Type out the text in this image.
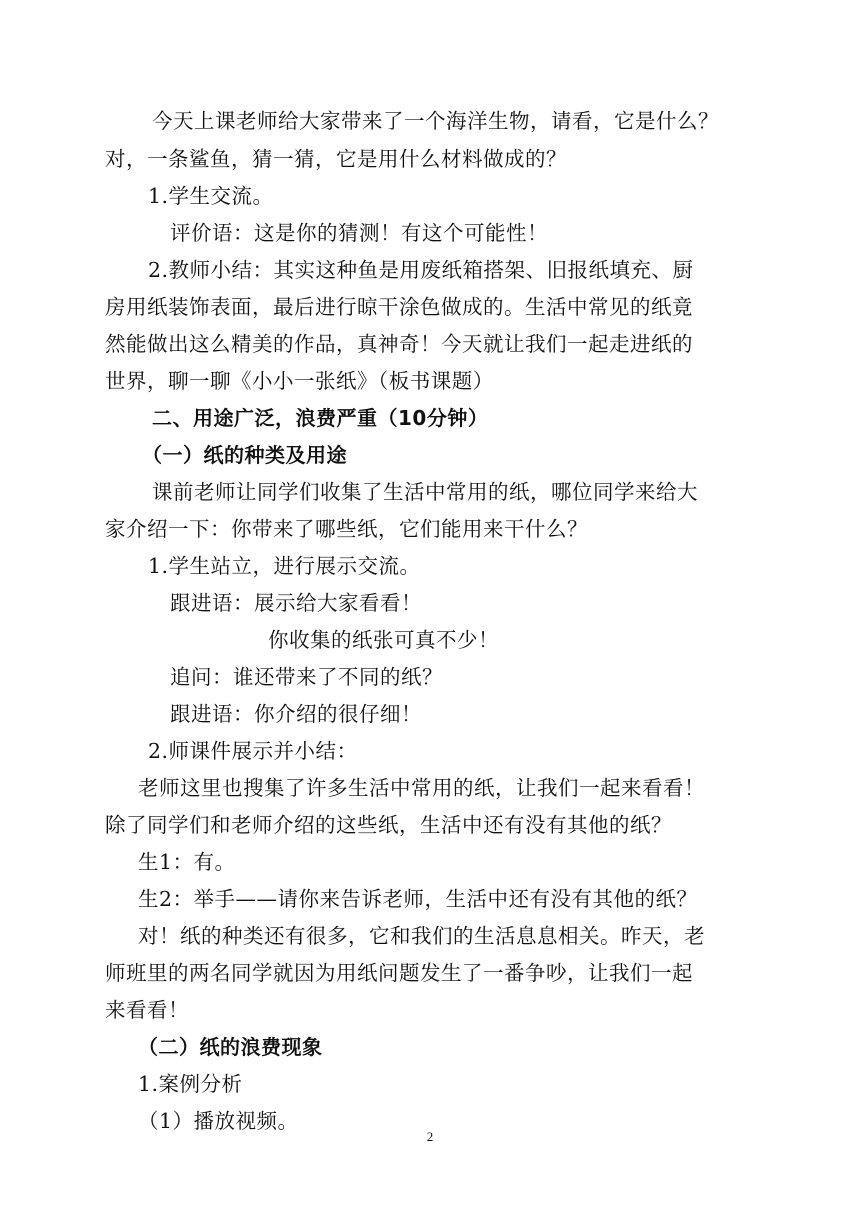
今天上课老师给大家带来了一个海洋生物，请看，它是什么？
对，一条鲨鱼，猜一猜，它是用什么材料做成的？
1.学生交流。
评价语：这是你的猜测！有这个可能性！
2.教师小结：其实这种鱼是用废纸箱搭架、旧报纸填充、厨
房用纸装饰表面，最后进行晾干涂色做成的。生活中常见的纸竟
然能做出这么精美的作品，真神奇！今天就让我们一起走进纸的
世界，聊一聊《小小一张纸》（板书课题）
二、用途广泛，浪费严重（10分钟）
（一）纸的种类及用途
课前老师让同学们收集了生活中常用的纸，哪位同学来给大
家介绍一下：你带来了哪些纸，它们能用来干什么？
1.学生站立，进行展示交流。
跟进语：展示给大家看看！
你收集的纸张可真不少！
追问：谁还带来了不同的纸？
跟进语：你介绍的很仔细！
2.师课件展示并小结：
老师这里也搜集了许多生活中常用的纸，让我们一起来看看！
除了同学们和老师介绍的这些纸，生活中还有没有其他的纸？
生1：有。
生2：举手——请你来告诉老师，生活中还有没有其他的纸？
对！纸的种类还有很多，它和我们的生活息息相关。昨天，老
师班里的两名同学就因为用纸问题发生了一番争吵，让我们一起
来看看！
（二）纸的浪费现象
1.案例分析
（1）播放视频。
2
